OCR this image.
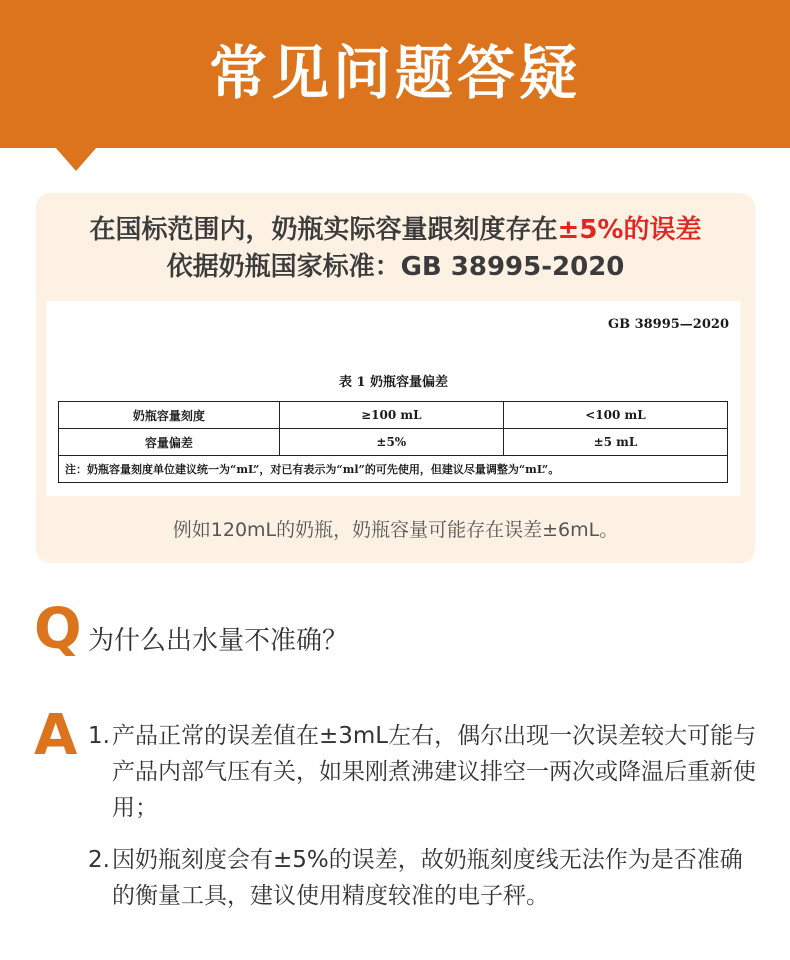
常见问题答疑
在国标范围内，奶瓶实际容量跟刻度存在±5%的误差
依据奶瓶国家标准：GB 38995-2020
GB 38995—2020
表 1 奶瓶容量偏差
奶瓶容量刻度	≥100 mL	<100 mL
容量偏差	±5%	±5 mL
注：奶瓶容量刻度单位建议统一为“mL”，对已有表示为“ml”的可先使用，但建议尽量调整为“mL”。		
例如120mL的奶瓶，奶瓶容量可能存在误差±6mL。
Q 为什么出水量不准确？
A 1. 产品正常的误差值在±3mL左右，偶尔出现一次误差较大可能与产品内部气压有关，如果刚煮沸建议排空一两次或降温后重新使用；
2. 因奶瓶刻度会有±5%的误差，故奶瓶刻度线无法作为是否准确的衡量工具，建议使用精度较准的电子秤。
